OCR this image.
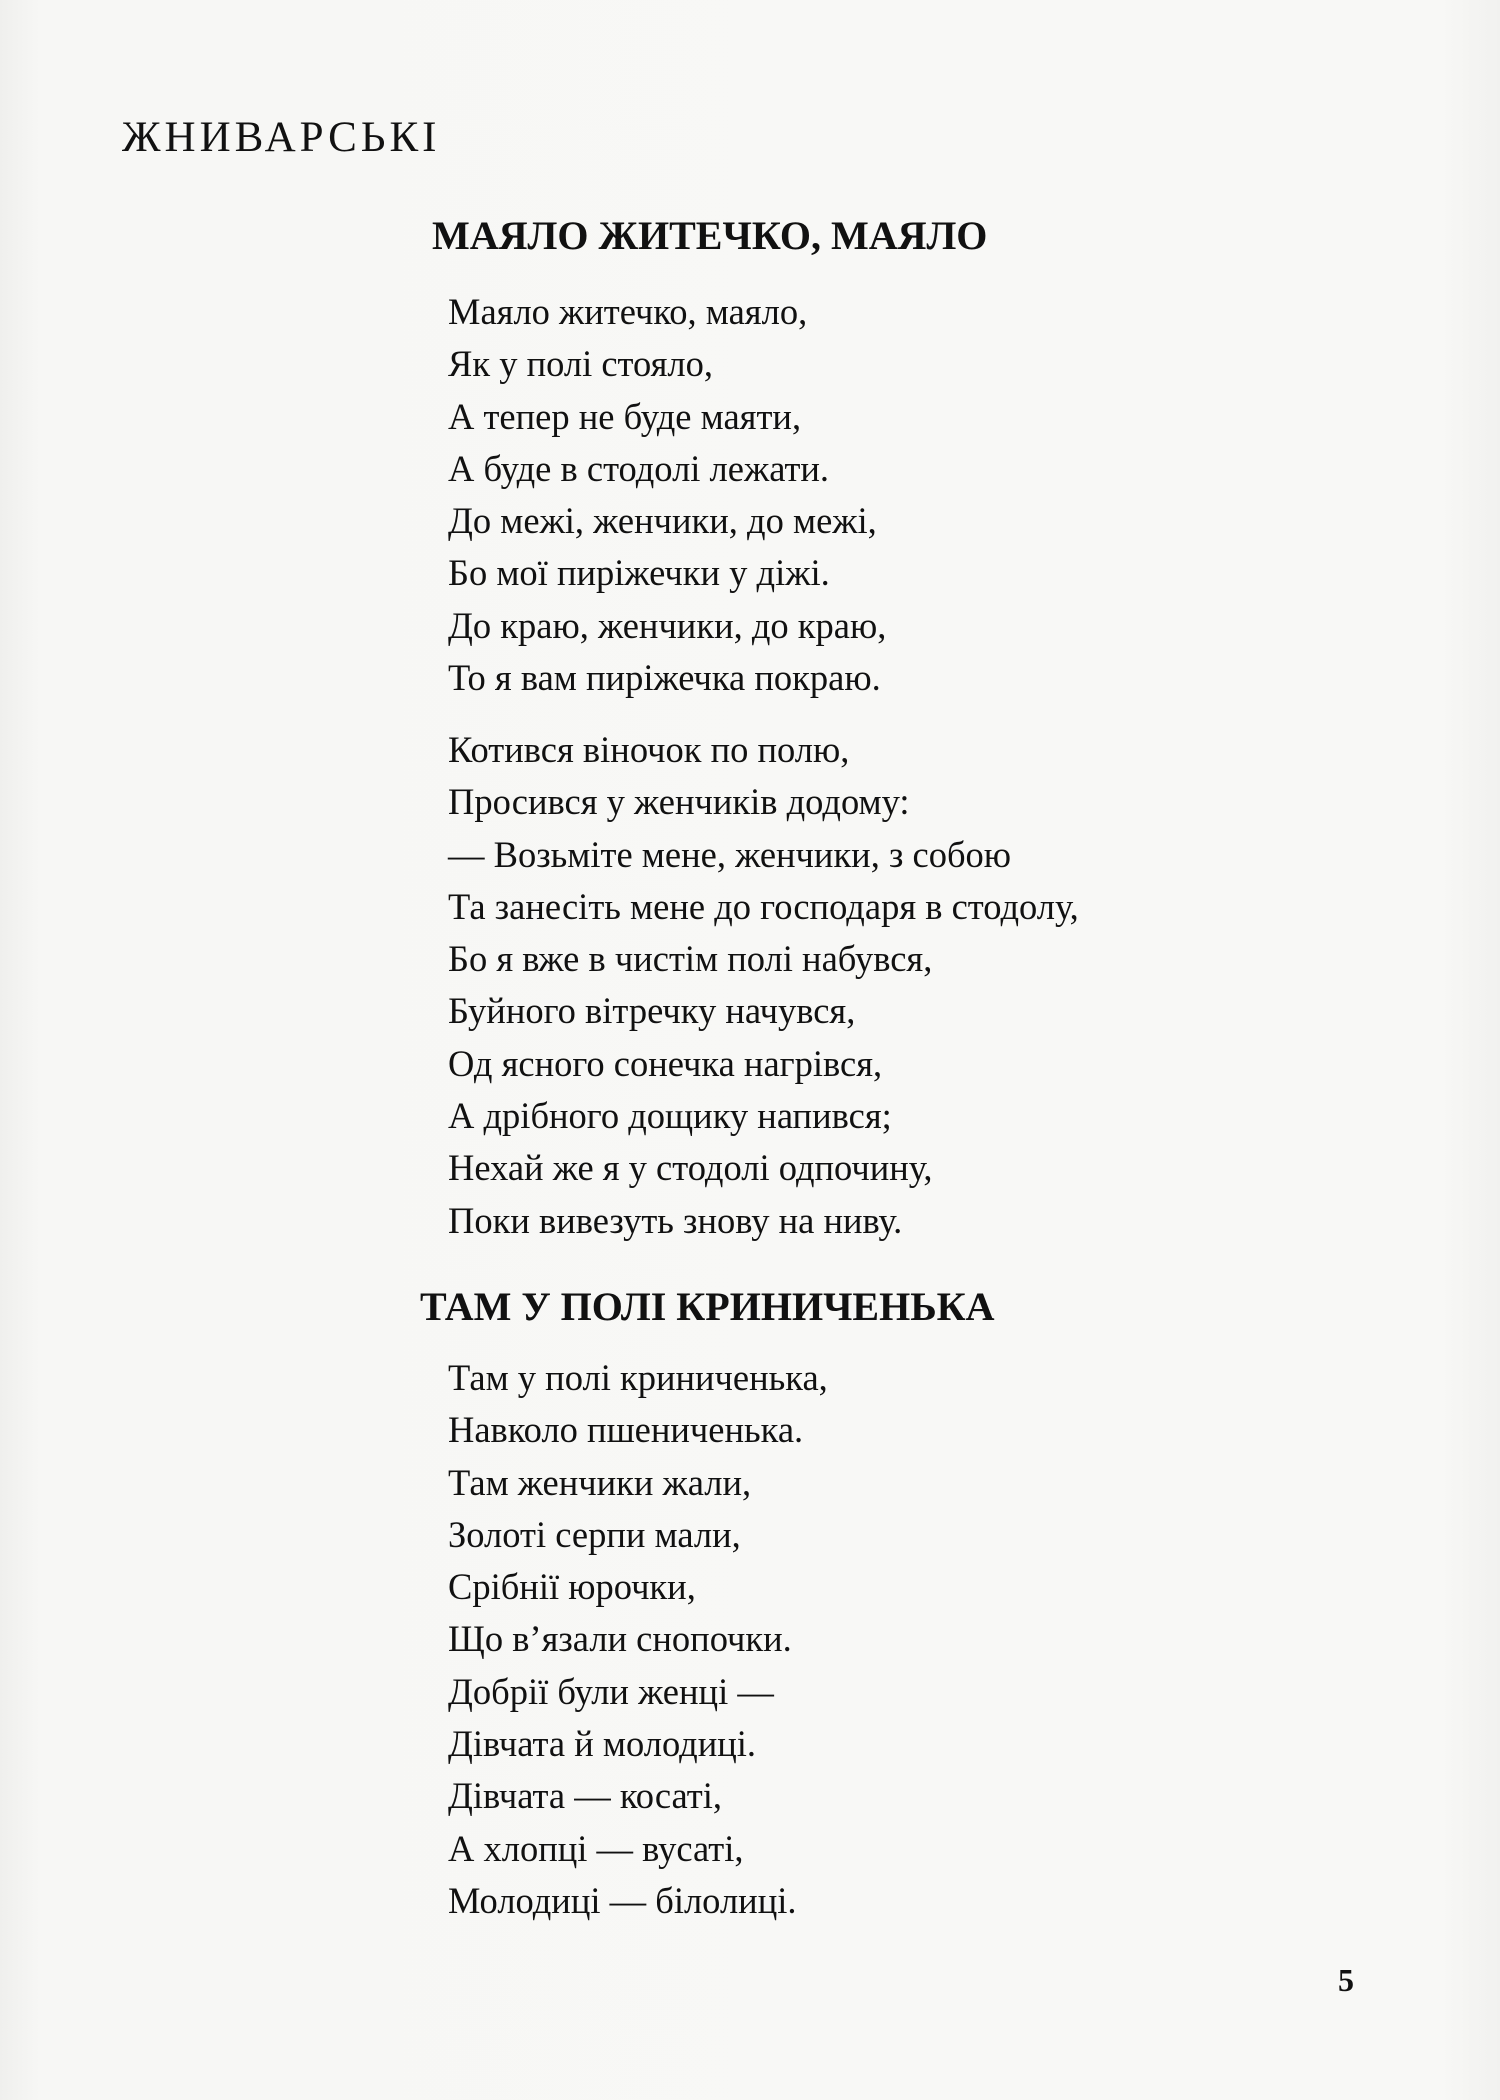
ЖНИВАРСЬКІ
МАЯЛО ЖИТЕЧКО, МАЯЛО
Маяло житечко, маяло,
Як у полі стояло,
А тепер не буде маяти,
А буде в стодолі лежати.
До межі, женчики, до межі,
Бо мої пиріжечки у діжі.
До краю, женчики, до краю,
То я вам пиріжечка покраю.
Котився віночок по полю,
Просився у женчиків додому:
— Возьміте мене, женчики, з собою
Та занесіть мене до господаря в стодолу,
Бо я вже в чистім полі набувся,
Буйного вітречку начувся,
Од ясного сонечка нагрівся,
А дрібного дощику напився;
Нехай же я у стодолі одпочину,
Поки вивезуть знову на ниву.
ТАМ У ПОЛІ КРИНИЧЕНЬКА
Там у полі криниченька,
Навколо пшениченька.
Там женчики жали,
Золоті серпи мали,
Срібнії юрочки,
Що в’язали снопочки.
Добрії були женці —
Дівчата й молодиці.
Дівчата — косаті,
А хлопці — вусаті,
Молодиці — білолиці.
5
